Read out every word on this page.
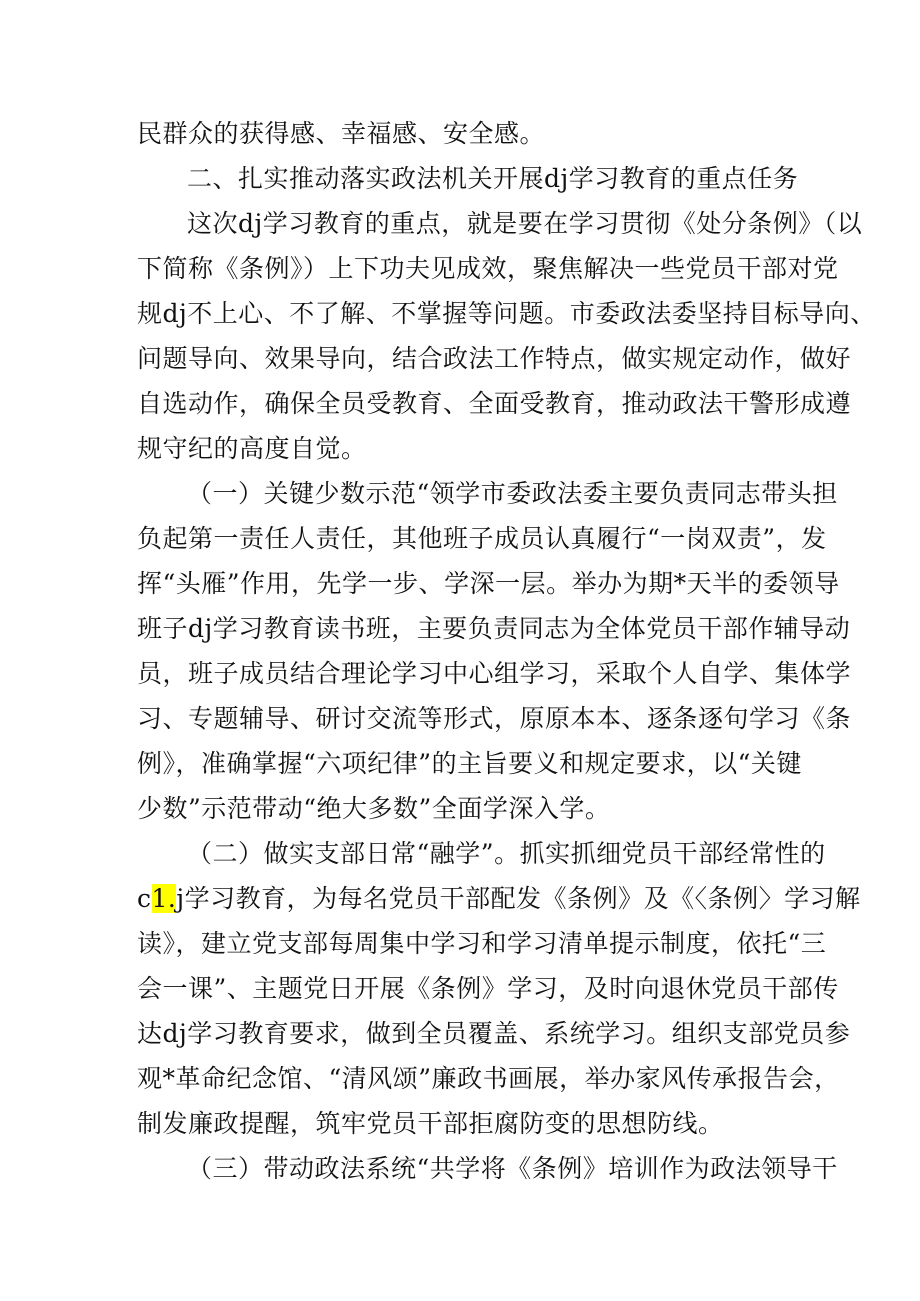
民群众的获得感、幸福感、安全感。
二、扎实推动落实政法机关开展dj学习教育的重点任务
这次dj学习教育的重点，就是要在学习贯彻《处分条例》（以
下简称《条例》）上下功夫见成效，聚焦解决一些党员干部对党
规dj不上心、不了解、不掌握等问题。市委政法委坚持目标导向、
问题导向、效果导向，结合政法工作特点，做实规定动作，做好
自选动作，确保全员受教育、全面受教育，推动政法干警形成遵
规守纪的高度自觉。
（一）关键少数示范“领学市委政法委主要负责同志带头担
负起第一责任人责任，其他班子成员认真履行“一岗双责”，发
挥“头雁”作用，先学一步、学深一层。举办为期*天半的委领导
班子dj学习教育读书班，主要负责同志为全体党员干部作辅导动
员，班子成员结合理论学习中心组学习，采取个人自学、集体学
习、专题辅导、研讨交流等形式，原原本本、逐条逐句学习《条
例》，准确掌握“六项纪律”的主旨要义和规定要求，以“关键
少数”示范带动“绝大多数”全面学深入学。
（二）做实支部日常“融学”。抓实抓细党员干部经常性的
c1.j学习教育，为每名党员干部配发《条例》及《〈条例〉学习解
读》，建立党支部每周集中学习和学习清单提示制度，依托“三
会一课”、主题党日开展《条例》学习，及时向退休党员干部传
达dj学习教育要求，做到全员覆盖、系统学习。组织支部党员参
观*革命纪念馆、“清风颂”廉政书画展，举办家风传承报告会，
制发廉政提醒，筑牢党员干部拒腐防变的思想防线。
（三）带动政法系统“共学将《条例》培训作为政法领导干
